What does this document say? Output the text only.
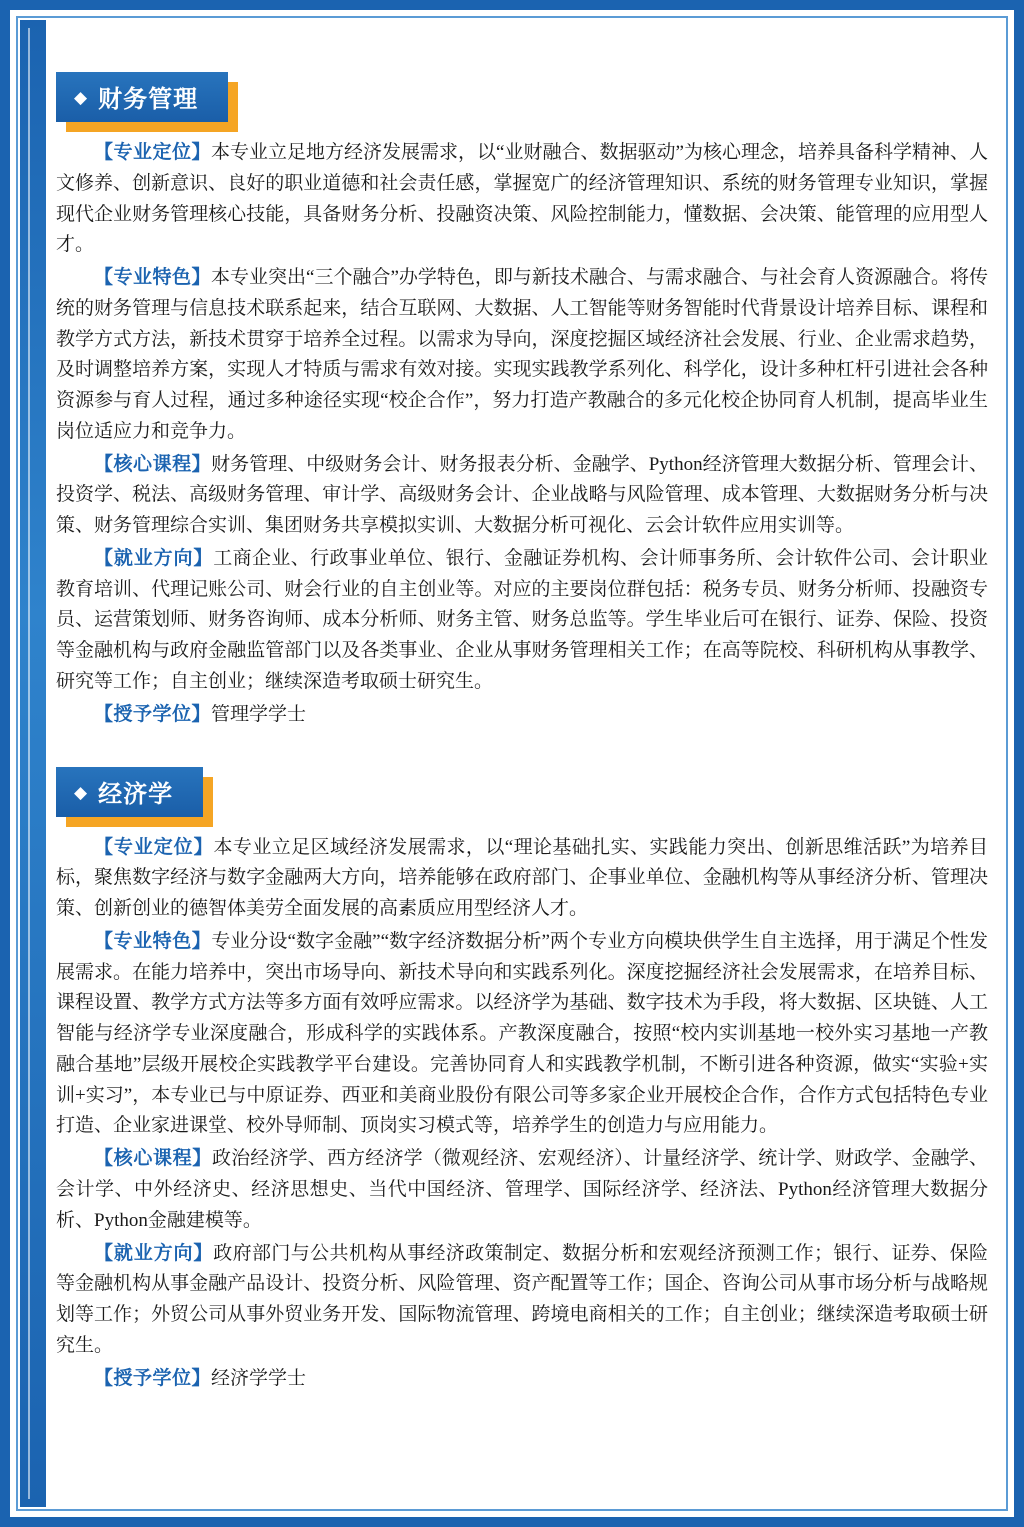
◆ 财务管理

【专业定位】本专业立足地方经济发展需求，以“业财融合、数据驱动”为核心理念，培养具备科学精神、人文修养、创新意识、良好的职业道德和社会责任感，掌握宽广的经济管理知识、系统的财务管理专业知识，掌握现代企业财务管理核心技能，具备财务分析、投融资决策、风险控制能力，懂数据、会决策、能管理的应用型人才。

【专业特色】本专业突出“三个融合”办学特色，即与新技术融合、与需求融合、与社会育人资源融合。将传统的财务管理与信息技术联系起来，结合互联网、大数据、人工智能等财务智能时代背景设计培养目标、课程和教学方式方法，新技术贯穿于培养全过程。以需求为导向，深度挖掘区域经济社会发展、行业、企业需求趋势，及时调整培养方案，实现人才特质与需求有效对接。实现实践教学系列化、科学化，设计多种杠杆引进社会各种资源参与育人过程，通过多种途径实现“校企合作”，努力打造产教融合的多元化校企协同育人机制，提高毕业生岗位适应力和竞争力。

【核心课程】财务管理、中级财务会计、财务报表分析、金融学、Python经济管理大数据分析、管理会计、投资学、税法、高级财务管理、审计学、高级财务会计、企业战略与风险管理、成本管理、大数据财务分析与决策、财务管理综合实训、集团财务共享模拟实训、大数据分析可视化、云会计软件应用实训等。

【就业方向】工商企业、行政事业单位、银行、金融证券机构、会计师事务所、会计软件公司、会计职业教育培训、代理记账公司、财会行业的自主创业等。对应的主要岗位群包括：税务专员、财务分析师、投融资专员、运营策划师、财务咨询师、成本分析师、财务主管、财务总监等。学生毕业后可在银行、证券、保险、投资等金融机构与政府金融监管部门以及各类事业、企业从事财务管理相关工作；在高等院校、科研机构从事教学、研究等工作；自主创业；继续深造考取硕士研究生。

【授予学位】管理学学士

◆ 经济学

【专业定位】本专业立足区域经济发展需求，以“理论基础扎实、实践能力突出、创新思维活跃”为培养目标，聚焦数字经济与数字金融两大方向，培养能够在政府部门、企事业单位、金融机构等从事经济分析、管理决策、创新创业的德智体美劳全面发展的高素质应用型经济人才。

【专业特色】专业分设“数字金融”“数字经济数据分析”两个专业方向模块供学生自主选择，用于满足个性发展需求。在能力培养中，突出市场导向、新技术导向和实践系列化。深度挖掘经济社会发展需求，在培养目标、课程设置、教学方式方法等多方面有效呼应需求。以经济学为基础、数字技术为手段，将大数据、区块链、人工智能与经济学专业深度融合，形成科学的实践体系。产教深度融合，按照“校内实训基地一校外实习基地一产教融合基地”层级开展校企实践教学平台建设。完善协同育人和实践教学机制，不断引进各种资源，做实“实验+实训+实习”，本专业已与中原证券、西亚和美商业股份有限公司等多家企业开展校企合作，合作方式包括特色专业打造、企业家进课堂、校外导师制、顶岗实习模式等，培养学生的创造力与应用能力。

【核心课程】政治经济学、西方经济学（微观经济、宏观经济）、计量经济学、统计学、财政学、金融学、会计学、中外经济史、经济思想史、当代中国经济、管理学、国际经济学、经济法、Python经济管理大数据分析、Python金融建模等。

【就业方向】政府部门与公共机构从事经济政策制定、数据分析和宏观经济预测工作；银行、证券、保险等金融机构从事金融产品设计、投资分析、风险管理、资产配置等工作；国企、咨询公司从事市场分析与战略规划等工作；外贸公司从事外贸业务开发、国际物流管理、跨境电商相关的工作；自主创业；继续深造考取硕士研究生。

【授予学位】经济学学士
